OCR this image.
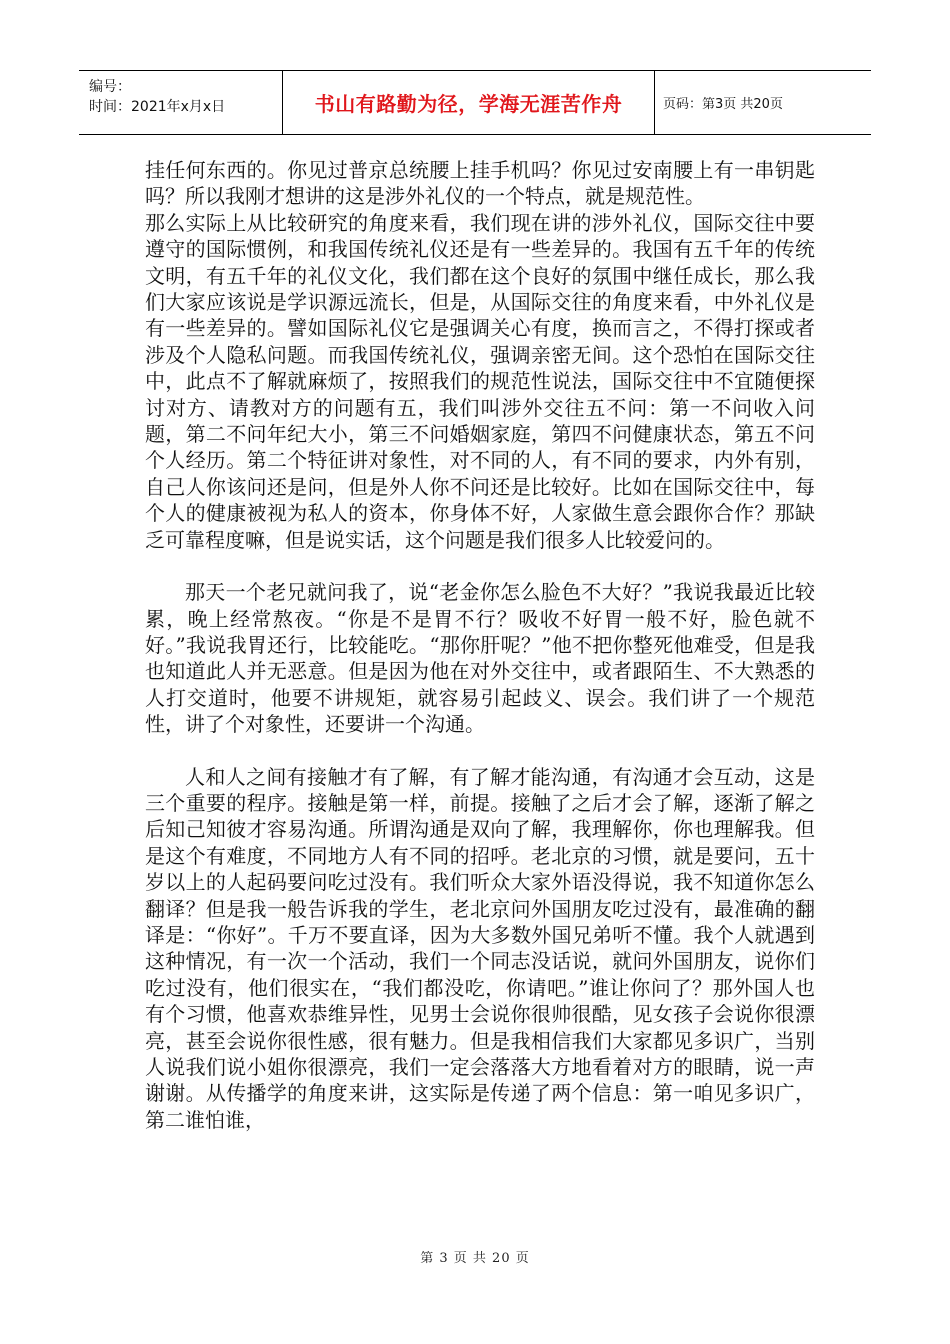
编号：
时间：2021年x月x日	书山有路勤为径，学海无涯苦作舟	页码：第3页 共20页

挂任何东西的。你见过普京总统腰上挂手机吗？你见过安南腰上有一串钥匙吗？所以我刚才想讲的这是涉外礼仪的一个特点，就是规范性。

那么实际上从比较研究的角度来看，我们现在讲的涉外礼仪，国际交往中要遵守的国际惯例，和我国传统礼仪还是有一些差异的。我国有五千年的传统文明，有五千年的礼仪文化，我们都在这个良好的氛围中继任成长，那么我们大家应该说是学识源远流长，但是，从国际交往的角度来看，中外礼仪是有一些差异的。譬如国际礼仪它是强调关心有度，换而言之，不得打探或者涉及个人隐私问题。而我国传统礼仪，强调亲密无间。这个恐怕在国际交往中，此点不了解就麻烦了，按照我们的规范性说法，国际交往中不宜随便探讨对方、请教对方的问题有五，我们叫涉外交往五不问：第一不问收入问题，第二不问年纪大小，第三不问婚姻家庭，第四不问健康状态，第五不问个人经历。第二个特征讲对象性，对不同的人，有不同的要求，内外有别，自己人你该问还是问，但是外人你不问还是比较好。比如在国际交往中，每个人的健康被视为私人的资本，你身体不好，人家做生意会跟你合作？那缺乏可靠程度嘛，但是说实话，这个问题是我们很多人比较爱问的。

那天一个老兄就问我了，说“老金你怎么脸色不大好？”我说我最近比较累，晚上经常熬夜。“你是不是胃不行？吸收不好胃一般不好，脸色就不好。”我说我胃还行，比较能吃。“那你肝呢？”他不把你整死他难受，但是我也知道此人并无恶意。但是因为他在对外交往中，或者跟陌生、不大熟悉的人打交道时，他要不讲规矩，就容易引起歧义、误会。我们讲了一个规范性，讲了个对象性，还要讲一个沟通。

人和人之间有接触才有了解，有了解才能沟通，有沟通才会互动，这是三个重要的程序。接触是第一样，前提。接触了之后才会了解，逐渐了解之后知己知彼才容易沟通。所谓沟通是双向了解，我理解你，你也理解我。但是这个有难度，不同地方人有不同的招呼。老北京的习惯，就是要问，五十岁以上的人起码要问吃过没有。我们听众大家外语没得说，我不知道你怎么翻译？但是我一般告诉我的学生，老北京问外国朋友吃过没有，最准确的翻译是：“你好”。千万不要直译，因为大多数外国兄弟听不懂。我个人就遇到这种情况，有一次一个活动，我们一个同志没话说，就问外国朋友，说你们吃过没有，他们很实在，“我们都没吃，你请吧。”谁让你问了？那外国人也有个习惯，他喜欢恭维异性，见男士会说你很帅很酷，见女孩子会说你很漂亮，甚至会说你很性感，很有魅力。但是我相信我们大家都见多识广，当别人说我们说小姐你很漂亮，我们一定会落落大方地看着对方的眼睛，说一声谢谢。从传播学的角度来讲，这实际是传递了两个信息：第一咱见多识广，第二谁怕谁，

第 3 页 共 20 页
